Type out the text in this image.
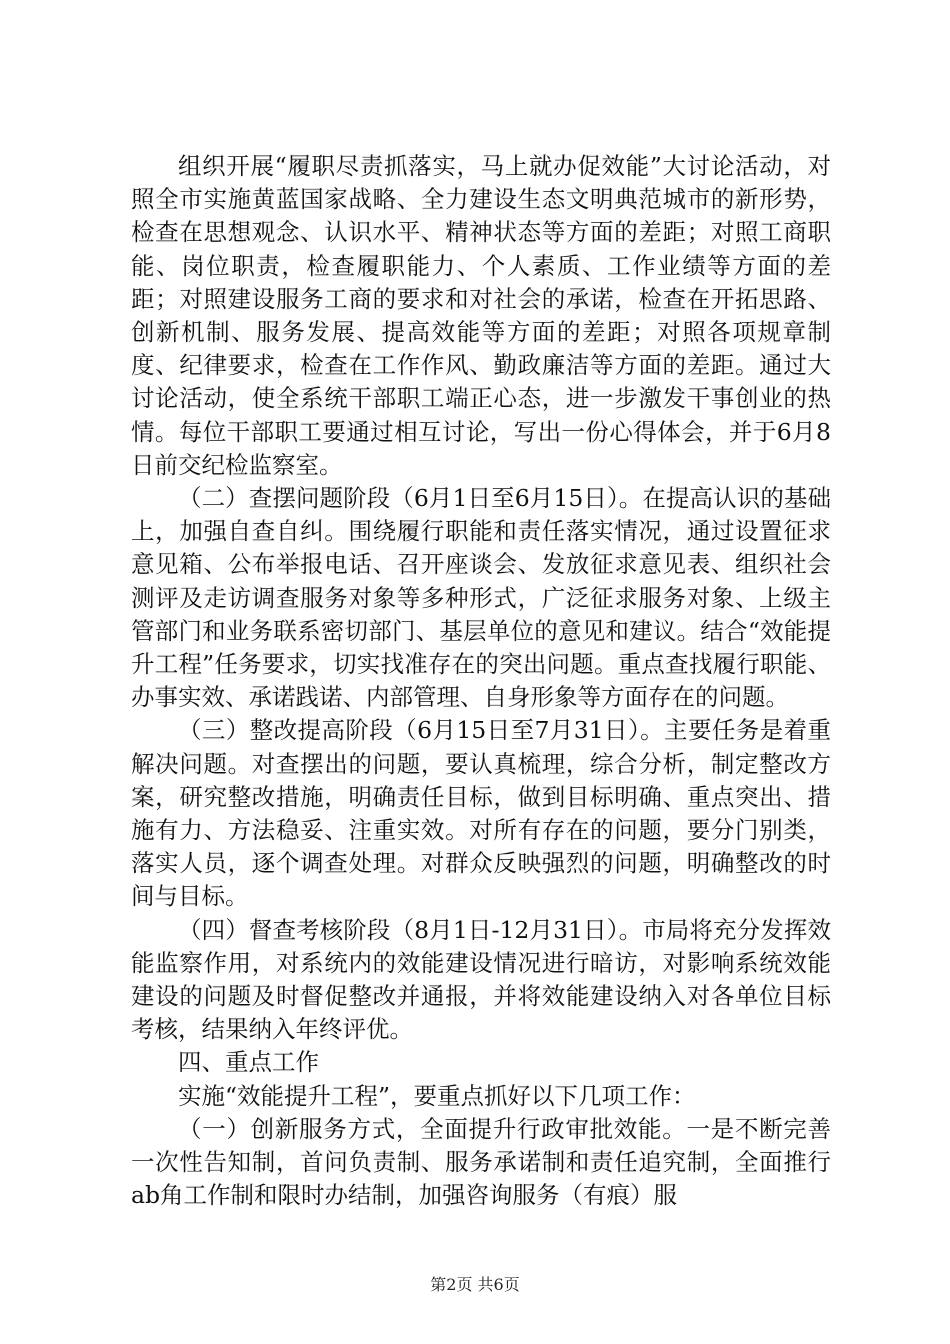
组织开展“履职尽责抓落实，马上就办促效能”大讨论活动，对照全市实施黄蓝国家战略、全力建设生态文明典范城市的新形势，检查在思想观念、认识水平、精神状态等方面的差距；对照工商职能、岗位职责，检查履职能力、个人素质、工作业绩等方面的差距；对照建设服务工商的要求和对社会的承诺，检查在开拓思路、创新机制、服务发展、提高效能等方面的差距；对照各项规章制度、纪律要求，检查在工作作风、勤政廉洁等方面的差距。通过大讨论活动，使全系统干部职工端正心态，进一步激发干事创业的热情。每位干部职工要通过相互讨论，写出一份心得体会，并于6月8日前交纪检监察室。

（二）查摆问题阶段（6月1日至6月15日）。在提高认识的基础上，加强自查自纠。围绕履行职能和责任落实情况，通过设置征求意见箱、公布举报电话、召开座谈会、发放征求意见表、组织社会测评及走访调查服务对象等多种形式，广泛征求服务对象、上级主管部门和业务联系密切部门、基层单位的意见和建议。结合“效能提升工程”任务要求，切实找准存在的突出问题。重点查找履行职能、办事实效、承诺践诺、内部管理、自身形象等方面存在的问题。

（三）整改提高阶段（6月15日至7月31日）。主要任务是着重解决问题。对查摆出的问题，要认真梳理，综合分析，制定整改方案，研究整改措施，明确责任目标，做到目标明确、重点突出、措施有力、方法稳妥、注重实效。对所有存在的问题，要分门别类，落实人员，逐个调查处理。对群众反映强烈的问题，明确整改的时间与目标。

（四）督查考核阶段（8月1日-12月31日）。市局将充分发挥效能监察作用，对系统内的效能建设情况进行暗访，对影响系统效能建设的问题及时督促整改并通报，并将效能建设纳入对各单位目标考核，结果纳入年终评优。

四、重点工作

实施“效能提升工程”，要重点抓好以下几项工作：

（一）创新服务方式，全面提升行政审批效能。一是不断完善一次性告知制，首问负责制、服务承诺制和责任追究制，全面推行ab角工作制和限时办结制，加强咨询服务（有痕）服

第2页 共6页
